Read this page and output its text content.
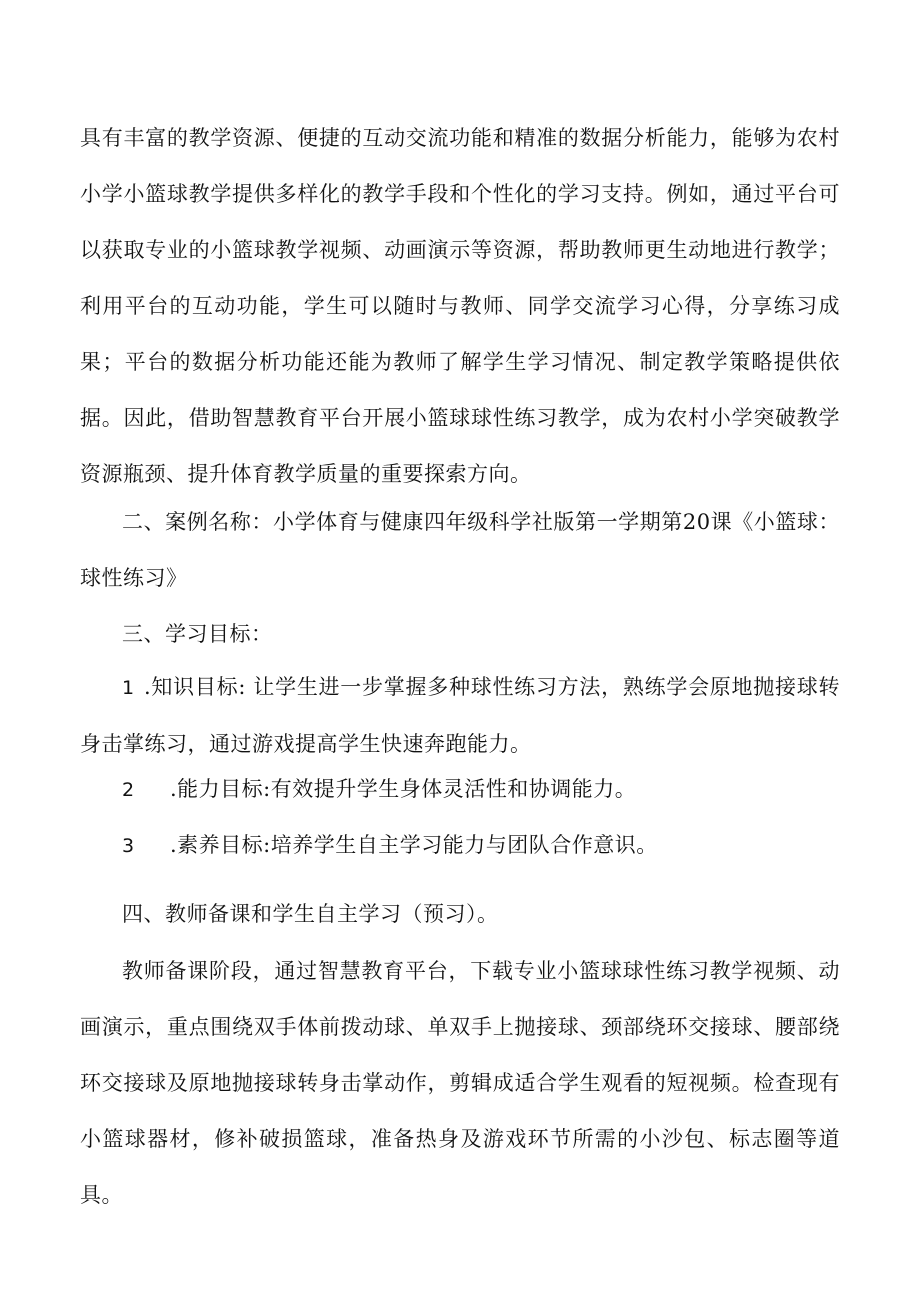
具有丰富的教学资源、便捷的互动交流功能和精准的数据分析能力，能够为农村小学小篮球教学提供多样化的教学手段和个性化的学习支持。例如，通过平台可以获取专业的小篮球教学视频、动画演示等资源，帮助教师更生动地进行教学；利用平台的互动功能，学生可以随时与教师、同学交流学习心得，分享练习成果；平台的数据分析功能还能为教师了解学生学习情况、制定教学策略提供依据。因此，借助智慧教育平台开展小篮球球性练习教学，成为农村小学突破教学资源瓶颈、提升体育教学质量的重要探索方向。

二、案例名称：小学体育与健康四年级科学社版第一学期第20课《小篮球：球性练习》

三、学习目标：

1 .知识目标: 让学生进一步掌握多种球性练习方法，熟练学会原地抛接球转身击掌练习，通过游戏提高学生快速奔跑能力。

2 .能力目标:有效提升学生身体灵活性和协调能力。

3 .素养目标:培养学生自主学习能力与团队合作意识。

四、教师备课和学生自主学习（预习）。

教师备课阶段，通过智慧教育平台，下载专业小篮球球性练习教学视频、动画演示，重点围绕双手体前拨动球、单双手上抛接球、颈部绕环交接球、腰部绕环交接球及原地抛接球转身击掌动作，剪辑成适合学生观看的短视频。检查现有小篮球器材，修补破损篮球，准备热身及游戏环节所需的小沙包、标志圈等道具。
